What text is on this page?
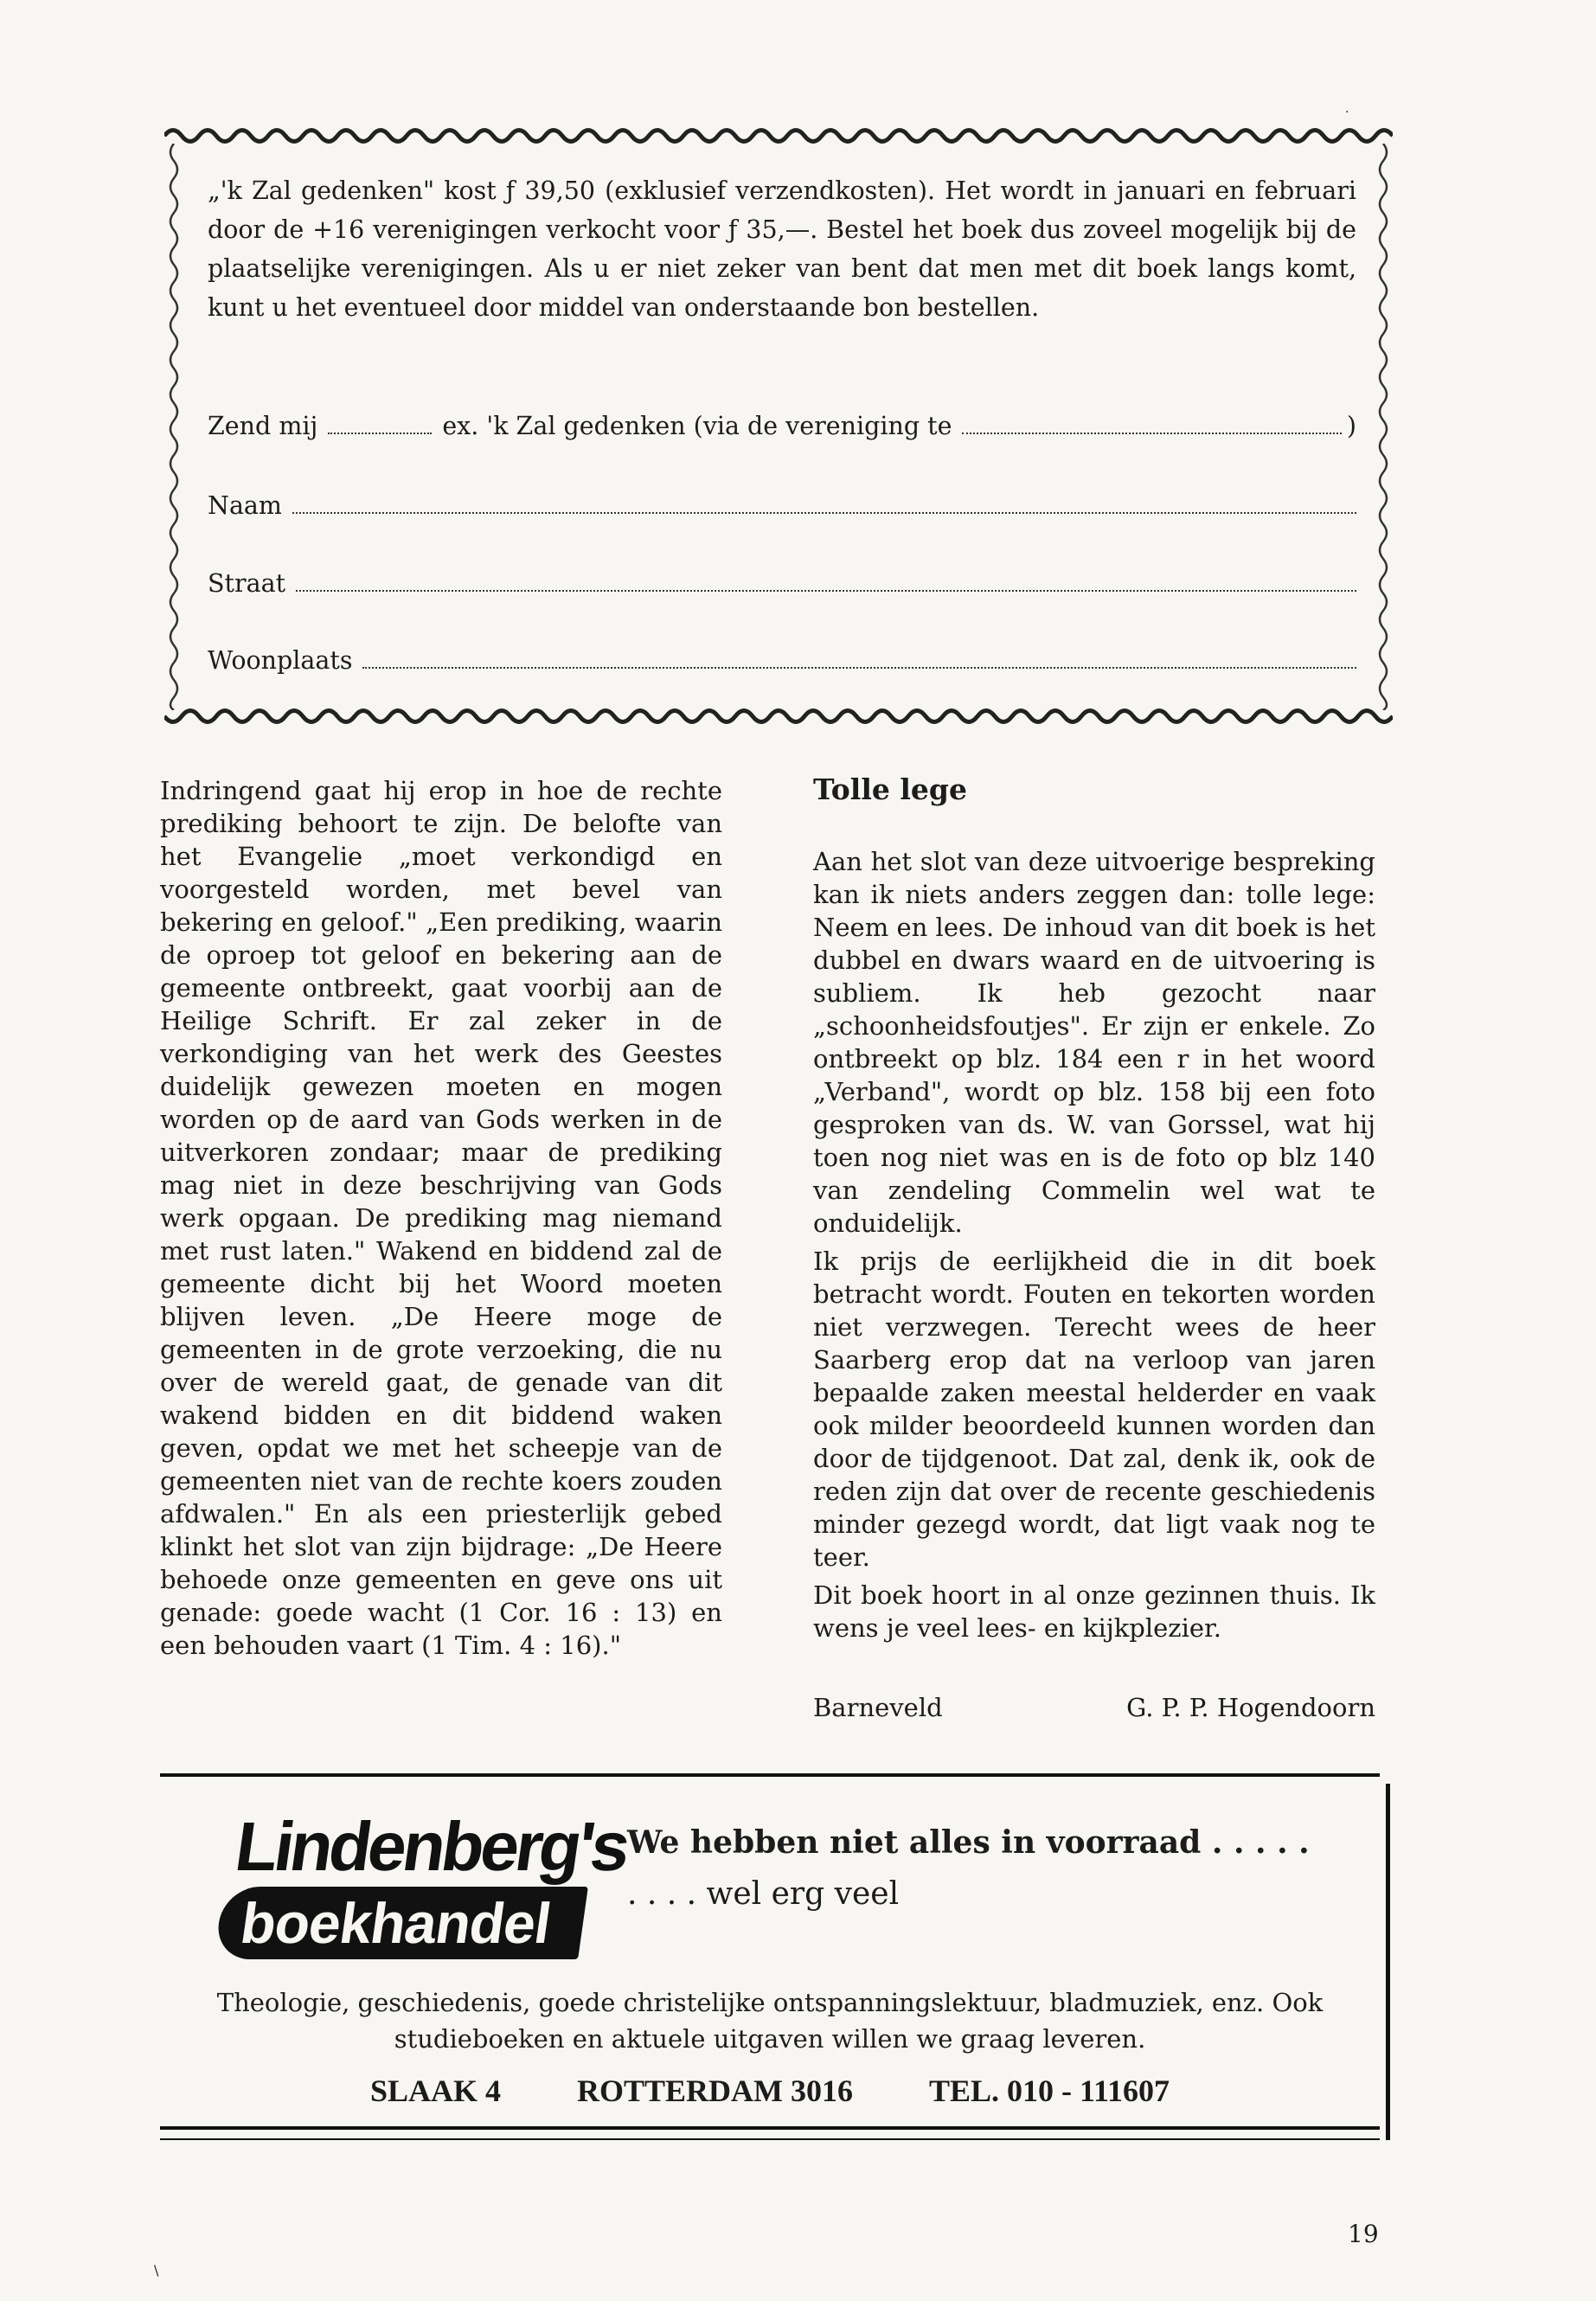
„'k Zal gedenken" kost ƒ 39,50 (exklusief verzendkosten). Het wordt in januari en februari door de +16 verenigingen verkocht voor ƒ 35,—. Bestel het boek dus zoveel mogelijk bij de plaatselijke verenigingen. Als u er niet zeker van bent dat men met dit boek langs komt, kunt u het eventueel door middel van onderstaande bon bestellen.

Zend mij	ex. 'k Zal gedenken (via de vereniging te	)
Naam
Straat
Woonplaats

Indringend gaat hij erop in hoe de rechte prediking behoort te zijn. De belofte van het Evangelie „moet verkondigd en voorgesteld worden, met bevel van bekering en geloof." „Een prediking, waarin de oproep tot geloof en bekering aan de gemeente ontbreekt, gaat voorbij aan de Heilige Schrift. Er zal zeker in de verkondiging van het werk des Geestes duidelijk gewezen moeten en mogen worden op de aard van Gods werken in de uitverkoren zondaar; maar de prediking mag niet in deze beschrijving van Gods werk opgaan. De prediking mag niemand met rust laten." Wakend en biddend zal de gemeente dicht bij het Woord moeten blijven leven. „De Heere moge de gemeenten in de grote verzoeking, die nu over de wereld gaat, de genade van dit wakend bidden en dit biddend waken geven, opdat we met het scheepje van de gemeenten niet van de rechte koers zouden afdwalen." En als een priesterlijk gebed klinkt het slot van zijn bijdrage: „De Heere behoede onze gemeenten en geve ons uit genade: goede wacht (1 Cor. 16 : 13) en een behouden vaart (1 Tim. 4 : 16)."

Tolle lege

Aan het slot van deze uitvoerige bespreking kan ik niets anders zeggen dan: tolle lege: Neem en lees. De inhoud van dit boek is het dubbel en dwars waard en de uitvoering is subliem. Ik heb gezocht naar „schoonheidsfoutjes". Er zijn er enkele. Zo ontbreekt op blz. 184 een r in het woord „Verband", wordt op blz. 158 bij een foto gesproken van ds. W. van Gorssel, wat hij toen nog niet was en is de foto op blz 140 van zendeling Commelin wel wat te onduidelijk.

Ik prijs de eerlijkheid die in dit boek betracht wordt. Fouten en tekorten worden niet verzwegen. Terecht wees de heer Saarberg erop dat na verloop van jaren bepaalde zaken meestal helderder en vaak ook milder beoordeeld kunnen worden dan door de tijdgenoot. Dat zal, denk ik, ook de reden zijn dat over de recente geschiedenis minder gezegd wordt, dat ligt vaak nog te teer.

Dit boek hoort in al onze gezinnen thuis. Ik wens je veel lees- en kijkplezier.

Barneveld	G. P. P. Hogendoorn
Lindenberg's
boekhandel
We hebben niet alles in voorraad . . . . .
. . . . wel erg veel
Theologie, geschiedenis, goede christelijke ontspanningslektuur, bladmuziek, enz. Ook studieboeken en aktuele uitgaven willen we graag leveren.
SLAAK 4 ROTTERDAM 3016 TEL. 010 - 111607
19
\
.
